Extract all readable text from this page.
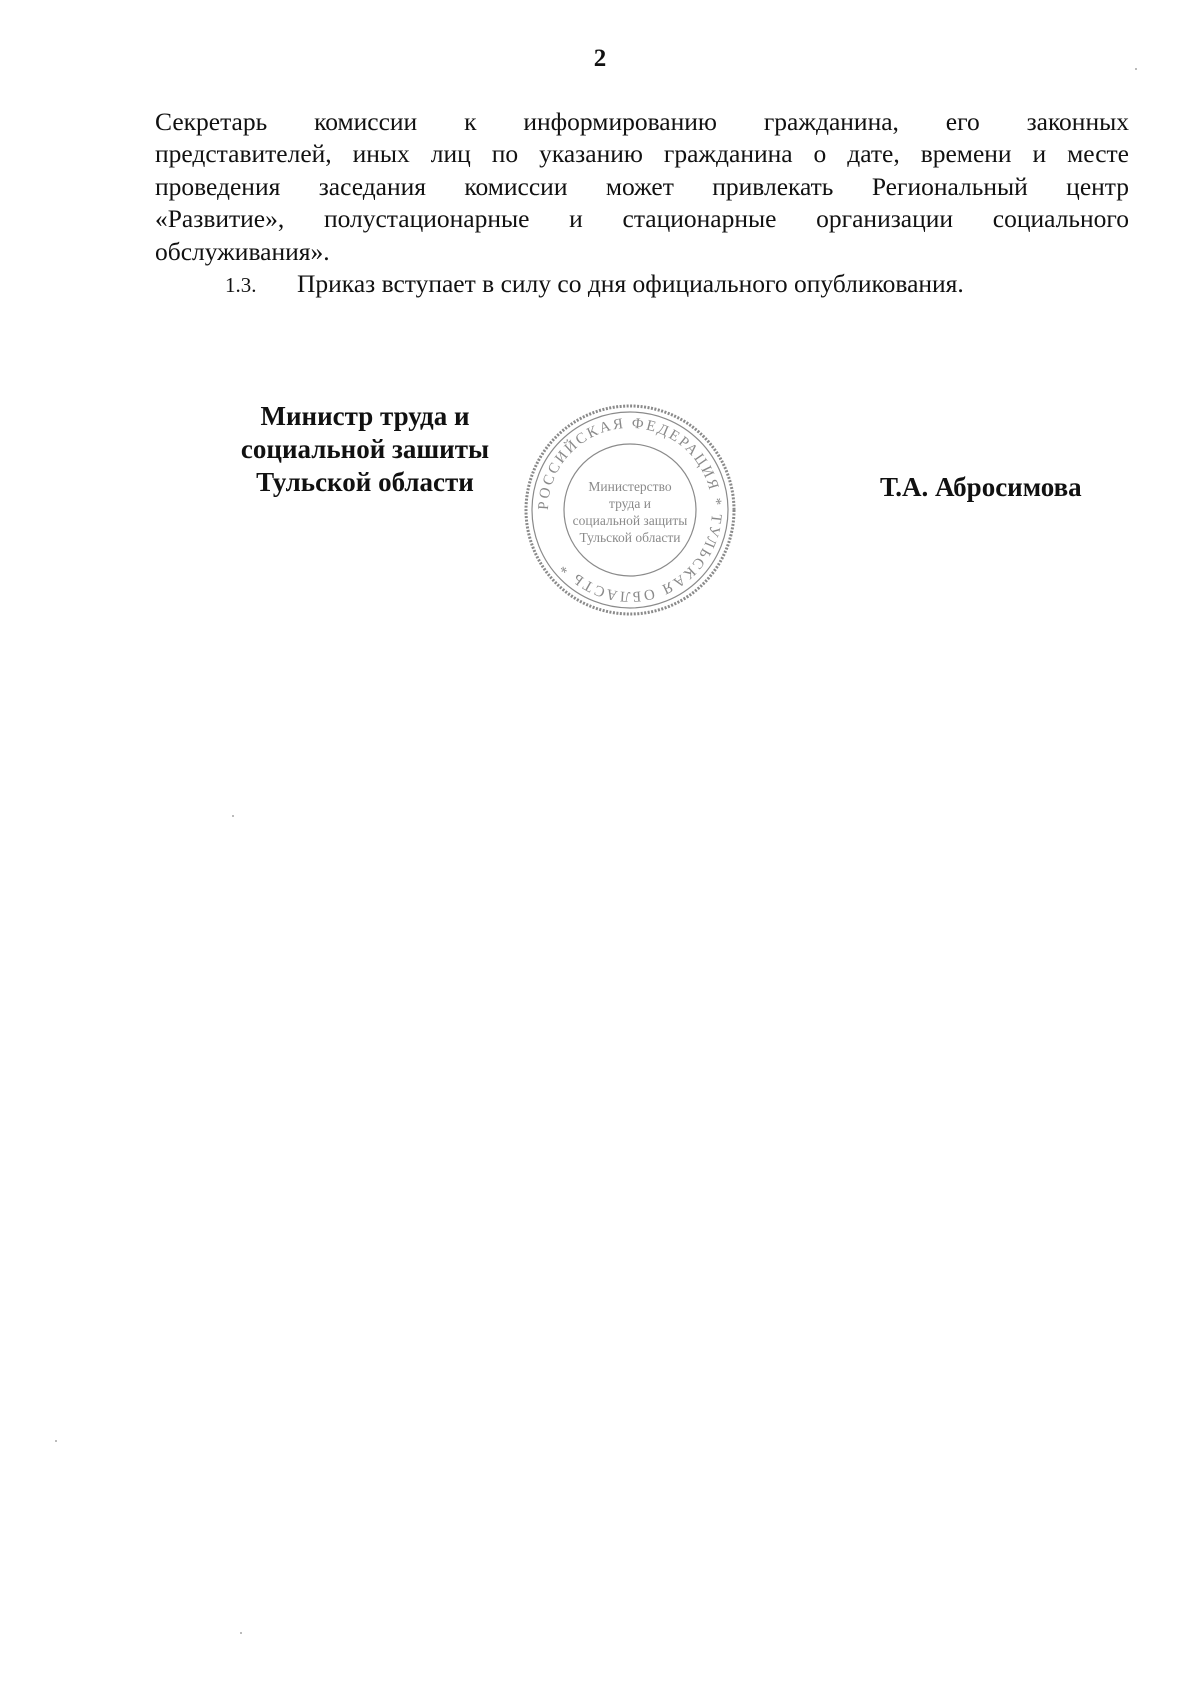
2

Секретарь комиссии к информированию гражданина, его законных
представителей, иных лиц по указанию гражданина о дате, времени и месте
проведения заседания комиссии может привлекать Региональный центр
«Развитие», полустационарные и стационарные организации социального
обслуживания».

1.3. Приказ вступает в силу со дня официального опубликования.

Министр труда и
социальной зашиты
Тульской области
РОССИЙСКАЯ ФЕДЕРАЦИЯ * ТУЛЬСКАЯ ОБЛАСТЬ *
Министерство
труда и
социальной защиты
Тульской области
Т.А. Абросимова
